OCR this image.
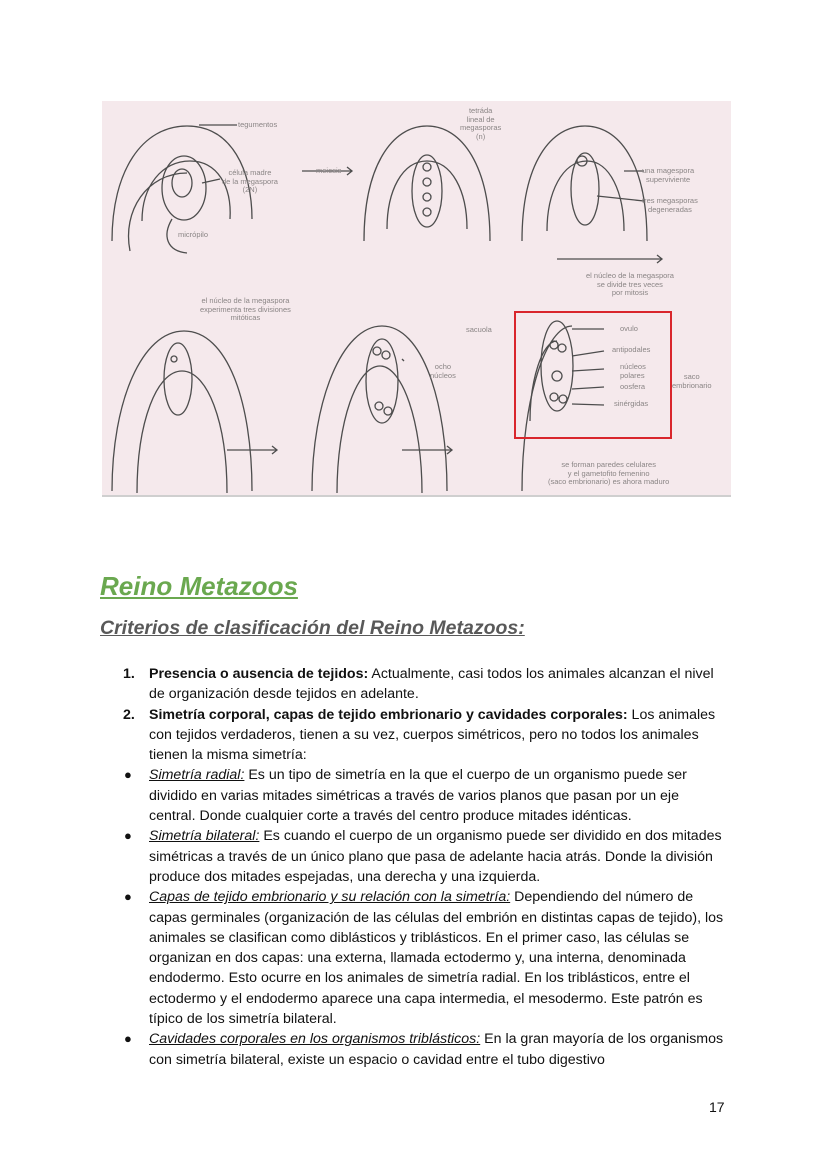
tegumentos
célula madre
de la megaspora
(2N)
meiosis
micrópilo
tetráda
lineal de
megasporas
(n)
una magespora
superviviente
tres megasporas
degeneradas
el núcleo de la megaspora
se divide tres veces
por mitosis
el núcleo de la megaspora
experimenta tres divisiones
mitóticas
ocho
núcleos
sacuola	ovulo
antipodales
núcleos
polares
oosfera
sinérgidas
saco
embrionario
se forman paredes celulares
y el gametofito femenino
(saco embrionario) es ahora maduro
Reino Metazoos
Criterios de clasificación del Reino Metazoos:

1. Presencia o ausencia de tejidos: Actualmente, casi todos los animales alcanzan el nivel de organización desde tejidos en adelante.

2. Simetría corporal, capas de tejido embrionario y cavidades corporales: Los animales con tejidos verdaderos, tienen a su vez, cuerpos simétricos, pero no todos los animales tienen la misma simetría:

● Simetría radial: Es un tipo de simetría en la que el cuerpo de un organismo puede ser dividido en varias mitades simétricas a través de varios planos que pasan por un eje central. Donde cualquier corte a través del centro produce mitades idénticas.

● Simetría bilateral: Es cuando el cuerpo de un organismo puede ser dividido en dos mitades simétricas a través de un único plano que pasa de adelante hacia atrás. Donde la división produce dos mitades espejadas, una derecha y una izquierda.

● Capas de tejido embrionario y su relación con la simetría: Dependiendo del número de capas germinales (organización de las células del embrión en distintas capas de tejido), los animales se clasifican como diblásticos y triblásticos. En el primer caso, las células se organizan en dos capas: una externa, llamada ectodermo y, una interna, denominada endodermo. Esto ocurre en los animales de simetría radial. En los triblásticos, entre el ectodermo y el endodermo aparece una capa intermedia, el mesodermo. Este patrón es típico de los simetría bilateral.

● Cavidades corporales en los organismos triblásticos: En la gran mayoría de los organismos con simetría bilateral, existe un espacio o cavidad entre el tubo digestivo

17
